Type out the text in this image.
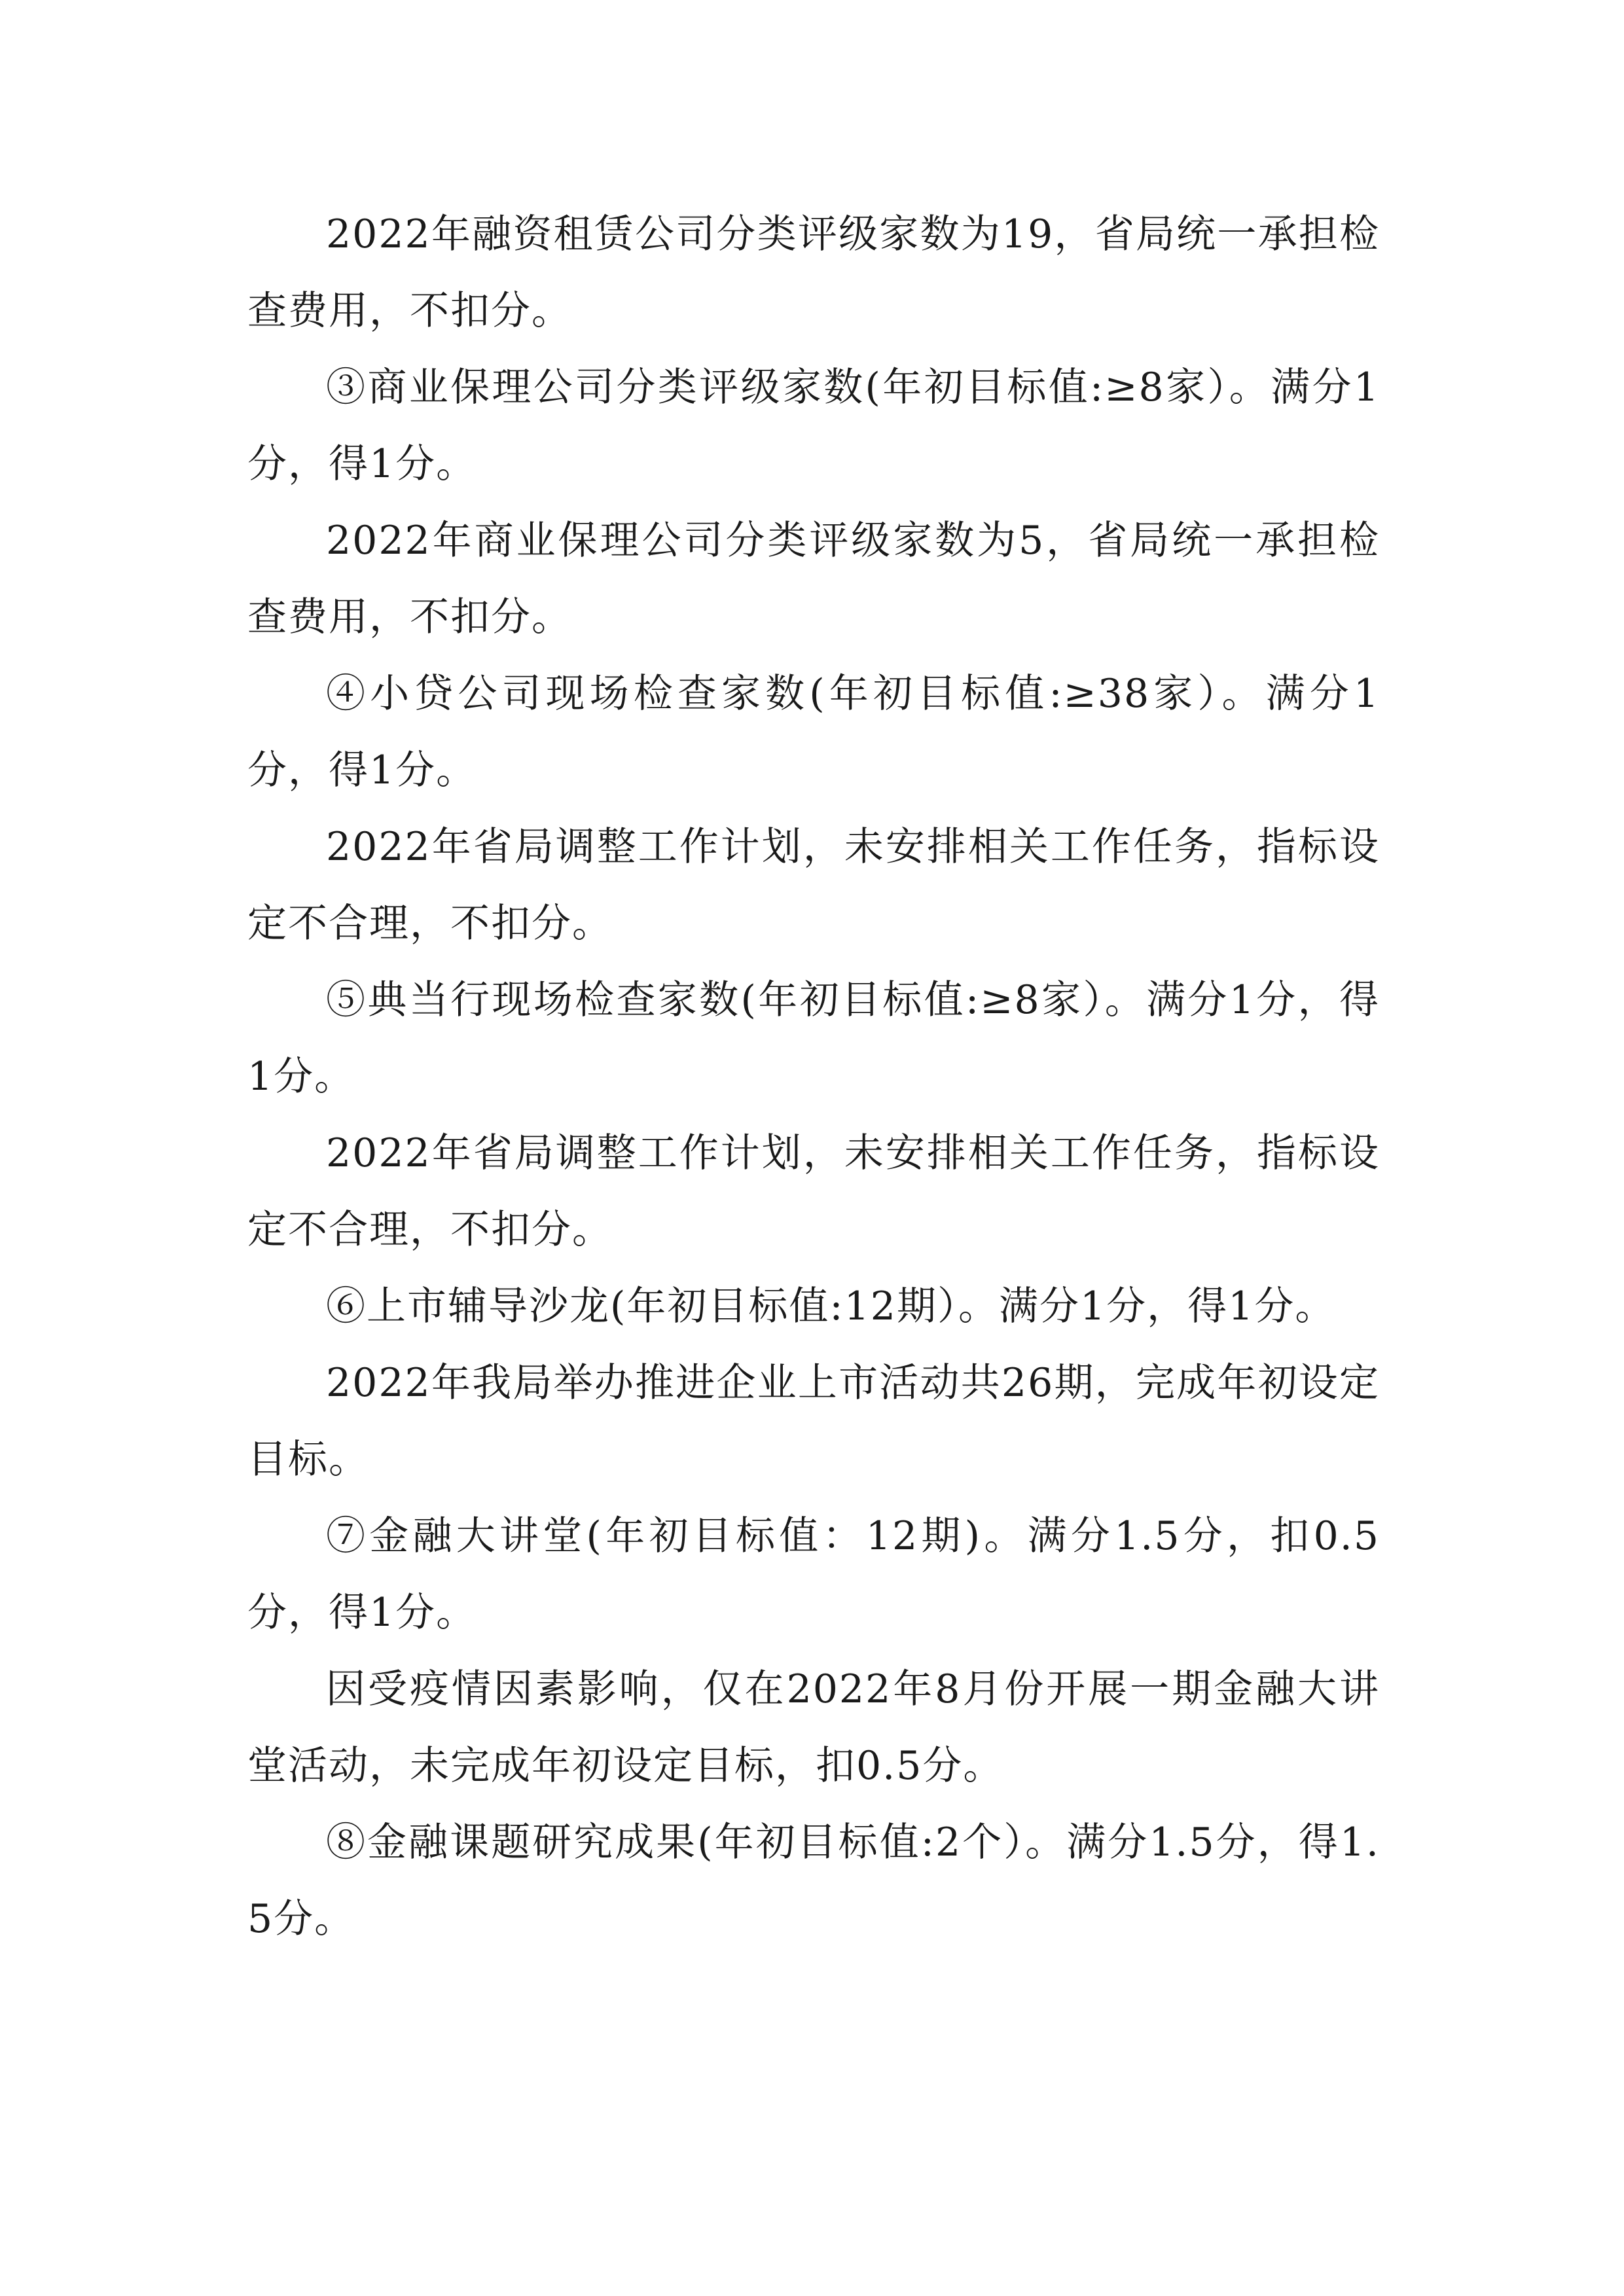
2022年融资租赁公司分类评级家数为19，省局统一承担检查费用，不扣分。

③商业保理公司分类评级家数(年初目标值:≥8家）。满分1分，得1分。

2022年商业保理公司分类评级家数为5，省局统一承担检查费用，不扣分。

④小贷公司现场检查家数(年初目标值:≥38家）。满分1分，得1分。

2022年省局调整工作计划，未安排相关工作任务，指标设定不合理，不扣分。

⑤典当行现场检查家数(年初目标值:≥8家）。满分1分，得1分。

2022年省局调整工作计划，未安排相关工作任务，指标设定不合理，不扣分。

⑥上市辅导沙龙(年初目标值:12期）。满分1分，得1分。

2022年我局举办推进企业上市活动共26期，完成年初设定目标。

⑦金融大讲堂(年初目标值：12期)。满分1.5分，扣0.5分，得1分。

因受疫情因素影响，仅在2022年8月份开展一期金融大讲堂活动，未完成年初设定目标，扣0.5分。

⑧金融课题研究成果(年初目标值:2个）。满分1.5分，得1.5分。
